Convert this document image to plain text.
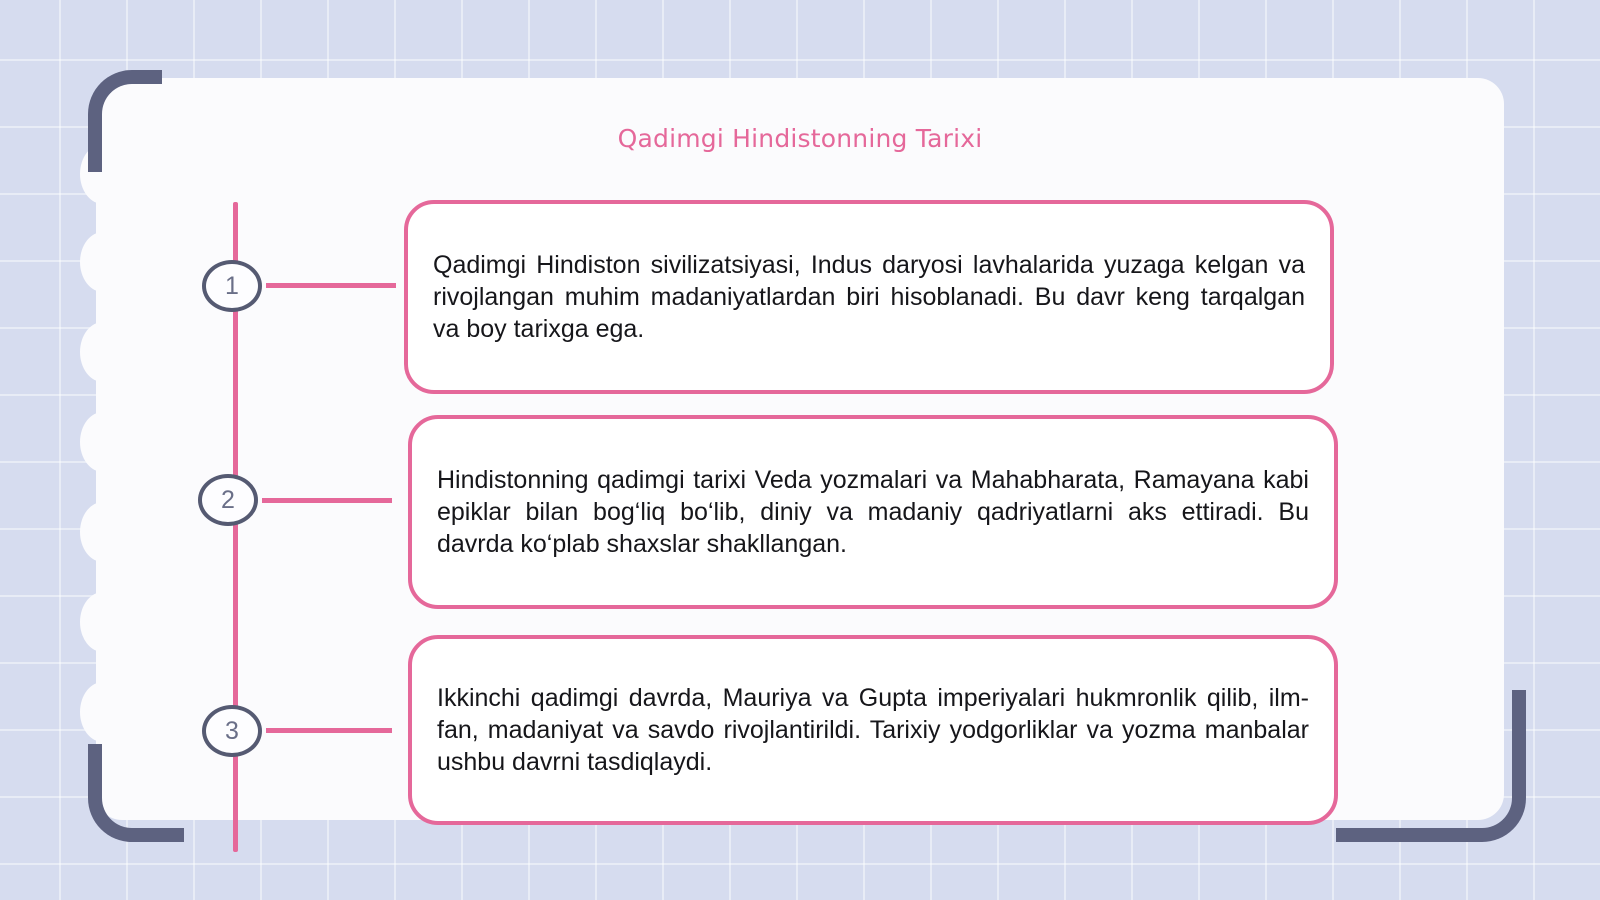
Qadimgi Hindistonning Tarixi
1

Qadimgi Hindiston sivilizatsiyasi, Indus daryosi lavhalarida yuzaga kelgan va rivojlangan muhim madaniyatlardan biri hisoblanadi. Bu davr keng tarqalgan va boy tarixga ega.

2

Hindistonning qadimgi tarixi Veda yozmalari va Mahabharata, Ramayana kabi epiklar bilan bog‘liq bo‘lib, diniy va madaniy qadriyatlarni aks ettiradi. Bu davrda ko‘plab shaxslar shakllangan.

3

Ikkinchi qadimgi davrda, Mauriya va Gupta imperiyalari hukmronlik qilib, ilm-fan, madaniyat va savdo rivojlantirildi. Tarixiy yodgorliklar va yozma manbalar ushbu davrni tasdiqlaydi.
